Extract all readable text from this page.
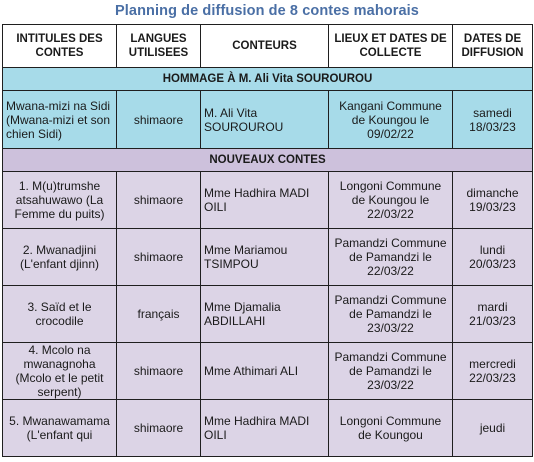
Planning de diffusion de 8 contes mahorais
INTITULES DES CONTES	LANGUES UTILISEES	CONTEURS	LIEUX ET DATES DE COLLECTE	DATES DE DIFFUSION
HOMMAGE À M. Ali Vita SOUROUROU				
Mwana-mizi na Sidi (Mwana-mizi et son chien Sidi)	shimaore	M. Ali Vita SOUROUROU	Kangani Commune de Koungou le 09/02/22	samedi 18/03/23
NOUVEAUX CONTES				
1. M(u)trumshe atsahuwawo (La Femme du puits)	shimaore	Mme Hadhira MADI OILI	Longoni Commune de Koungou le 22/03/22	dimanche 19/03/23
2. Mwanadjini (L'enfant djinn)	shimaore	Mme Mariamou TSIMPOU	Pamandzi Commune de Pamandzi le 22/03/22	lundi 20/03/23
3. Saïd et le crocodile	français	Mme Djamalia ABDILLAHI	Pamandzi Commune de Pamandzi le 23/03/22	mardi 21/03/23
4. Mcolo na mwanagnoha (Mcolo et le petit serpent)	shimaore	Mme Athimari ALI	Pamandzi Commune de Pamandzi le 23/03/22	mercredi 22/03/23
5. Mwanawamama (L'enfant qui	shimaore	Mme Hadhira MADI OILI	Longoni Commune de Koungou	jeudi
